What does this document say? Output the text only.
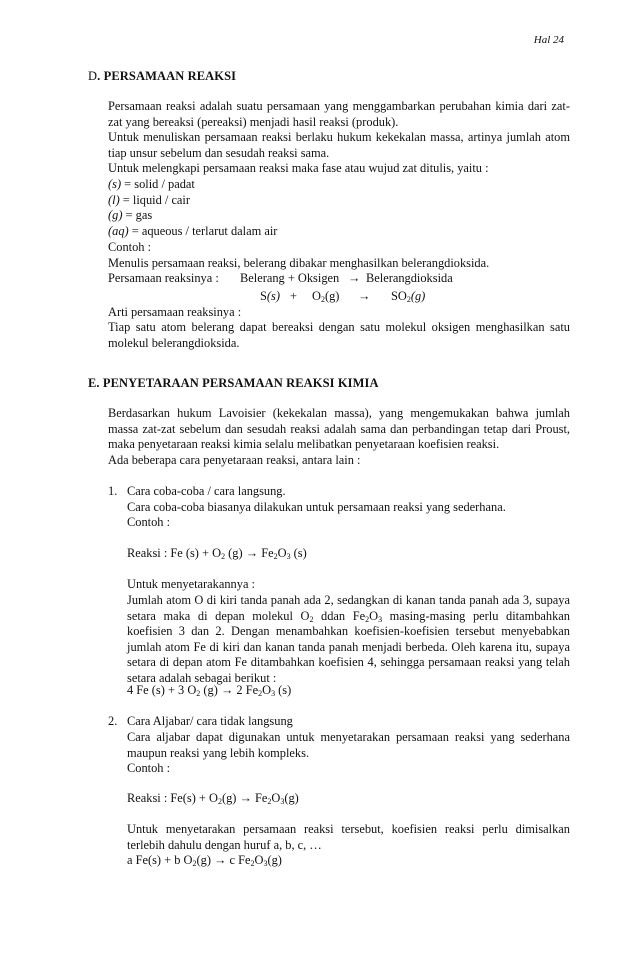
Hal 24
D. PERSAMAAN REAKSI
Persamaan reaksi adalah suatu persamaan yang menggambarkan perubahan kimia dari zat-zat yang bereaksi (pereaksi) menjadi hasil reaksi (produk).
Untuk menuliskan persamaan reaksi berlaku hukum kekekalan massa, artinya jumlah atom tiap unsur sebelum dan sesudah reaksi sama.
Untuk melengkapi persamaan reaksi maka fase atau wujud zat ditulis, yaitu :
(s) = solid / padat
(l) = liquid / cair
(g) = gas
(aq) = aqueous / terlarut dalam air
Contoh :
Menulis persamaan reaksi, belerang dibakar menghasilkan belerangdioksida.
Persamaan reaksinya : Belerang + Oksigen → Belerangdioksida
$S(s) + O_2(g) \to SO_2(g)$
Arti persamaan reaksinya :
Tiap satu atom belerang dapat bereaksi dengan satu molekul oksigen menghasilkan satu molekul belerangdioksida.
E. PENYETARAAN PERSAMAAN REAKSI KIMIA
Berdasarkan hukum Lavoisier (kekekalan massa), yang mengemukakan bahwa jumlah massa zat-zat sebelum dan sesudah reaksi adalah sama dan perbandingan tetap dari Proust, maka penyetaraan reaksi kimia selalu melibatkan penyetaraan koefisien reaksi.
Ada beberapa cara penyetaraan reaksi, antara lain :
1. Cara coba-coba / cara langsung.
Cara coba-coba biasanya dilakukan untuk persamaan reaksi yang sederhana.
Contoh :
Reaksi : Fe $(s) + O_2$ $(g) \to Fe_2O_3$ (s)
Untuk menyetarakannya :
Jumlah atom O di kiri tanda panah ada 2, sedangkan di kanan tanda panah ada 3, supaya setara maka di depan molekul $O_2$ ddan $Fe_2O_3$ masing-masing perlu ditambahkan koefisien 3 dan 2. Dengan menambahkan koefisien-koefisien tersebut menyebabkan jumlah atom Fe di kiri dan kanan tanda panah menjadi berbeda. Oleh karena itu, supaya setara di depan atom Fe ditambahkan koefisien 4, sehingga persamaan reaksi yang telah setara adalah sebagai berikut :
4 Fe (s) + 3 $O_2$ (g) → 2 $Fe_2O_3$ (s)
2. Cara Aljabar/ cara tidak langsung
Cara aljabar dapat digunakan untuk menyetarakan persamaan reaksi yang sederhana maupun reaksi yang lebih kompleks.
Contoh :
Reaksi : $Fe(s) + O_2(g) \to Fe_2O_3(g)$
Untuk menyetarakan persamaan reaksi tersebut, koefisien reaksi perlu dimisalkan terlebih dahulu dengan huruf a, b, c, …
a Fe(s) + b $O_2(g) \to c$ $Fe_2O_3(g)$
